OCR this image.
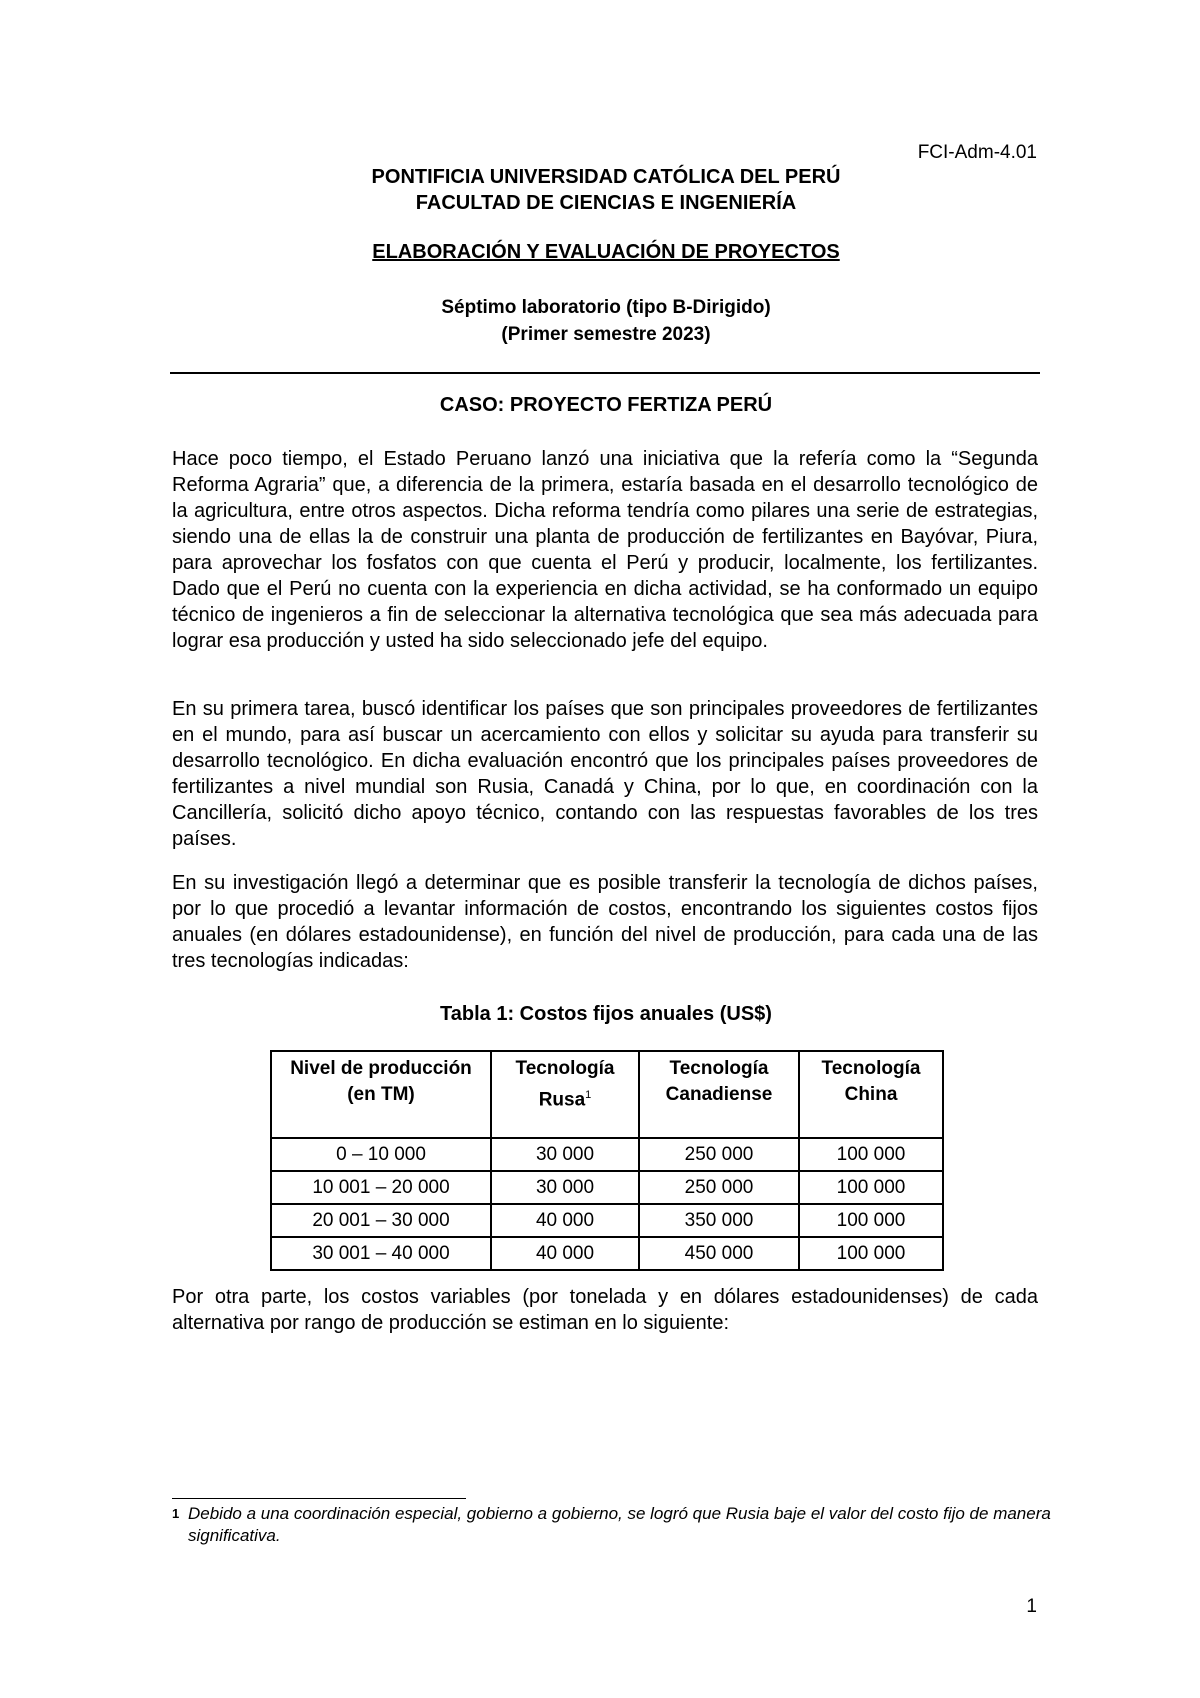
FCI-Adm-4.01
PONTIFICIA UNIVERSIDAD CATÓLICA DEL PERÚ
FACULTAD DE CIENCIAS E INGENIERÍA
ELABORACIÓN Y EVALUACIÓN DE PROYECTOS
Séptimo laboratorio (tipo B-Dirigido)
(Primer semestre 2023)
CASO: PROYECTO FERTIZA PERÚ

Hace poco tiempo, el Estado Peruano lanzó una iniciativa que la refería como la “Segunda Reforma Agraria” que, a diferencia de la primera, estaría basada en el desarrollo tecnológico de la agricultura, entre otros aspectos. Dicha reforma tendría como pilares una serie de estrategias, siendo una de ellas la de construir una planta de producción de fertilizantes en Bayóvar, Piura, para aprovechar los fosfatos con que cuenta el Perú y producir, localmente, los fertilizantes. Dado que el Perú no cuenta con la experiencia en dicha actividad, se ha conformado un equipo técnico de ingenieros a fin de seleccionar la alternativa tecnológica que sea más adecuada para lograr esa producción y usted ha sido seleccionado jefe del equipo.

En su primera tarea, buscó identificar los países que son principales proveedores de fertilizantes en el mundo, para así buscar un acercamiento con ellos y solicitar su ayuda para transferir su desarrollo tecnológico. En dicha evaluación encontró que los principales países proveedores de fertilizantes a nivel mundial son Rusia, Canadá y China, por lo que, en coordinación con la Cancillería, solicitó dicho apoyo técnico, contando con las respuestas favorables de los tres países.

En su investigación llegó a determinar que es posible transferir la tecnología de dichos países, por lo que procedió a levantar información de costos, encontrando los siguientes costos fijos anuales (en dólares estadounidense), en función del nivel de producción, para cada una de las tres tecnologías indicadas:

Tabla 1: Costos fijos anuales (US$)
Nivel de producción (en TM)	Tecnología Rusa$^1$	Tecnología Canadiense	Tecnología China
0 – 10 000	30 000	250 000	100 000
10 001 – 20 000	30 000	250 000	100 000
20 001 – 30 000	40 000	350 000	100 000
30 001 – 40 000	40 000	450 000	100 000

Por otra parte, los costos variables (por tonelada y en dólares estadounidenses) de cada alternativa por rango de producción se estiman en lo siguiente:

1 Debido a una coordinación especial, gobierno a gobierno, se logró que Rusia baje el valor del costo fijo de manera significativa.
1
